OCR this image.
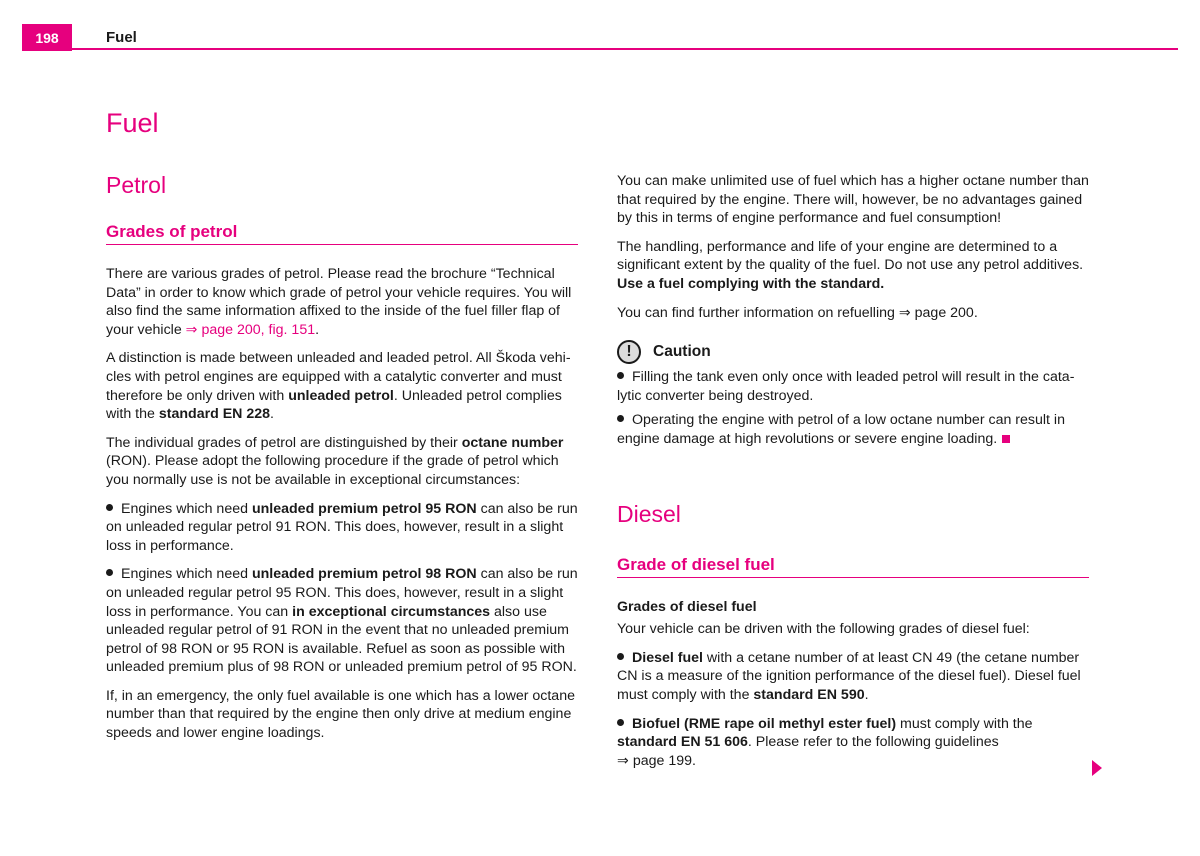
198	Fuel
Fuel
Petrol
Grades of petrol

There are various grades of petrol. Please read the brochure “Technical Data” in order to know which grade of petrol your vehicle requires. You will also find the same information affixed to the inside of the fuel filler flap of your vehicle ⇒ page 200, fig. 151.

A distinction is made between unleaded and leaded petrol. All Škoda vehi-cles with petrol engines are equipped with a catalytic converter and must therefore be only driven with unleaded petrol. Unleaded petrol complies with the standard EN 228.

The individual grades of petrol are distinguished by their octane number (RON). Please adopt the following procedure if the grade of petrol which you normally use is not be available in exceptional circumstances:

Engines which need unleaded premium petrol 95 RON can also be run on unleaded regular petrol 91 RON. This does, however, result in a slight loss in performance.

Engines which need unleaded premium petrol 98 RON can also be run on unleaded regular petrol 95 RON. This does, however, result in a slight loss in performance. You can in exceptional circumstances also use unleaded regular petrol of 91 RON in the event that no unleaded premium petrol of 98 RON or 95 RON is available. Refuel as soon as possible with unleaded premium plus of 98 RON or unleaded premium petrol of 95 RON.

If, in an emergency, the only fuel available is one which has a lower octane number than that required by the engine then only drive at medium engine speeds and lower engine loadings.

You can make unlimited use of fuel which has a higher octane number than that required by the engine. There will, however, be no advantages gained by this in terms of engine performance and fuel consumption!

The handling, performance and life of your engine are determined to a significant extent by the quality of the fuel. Do not use any petrol additives. Use a fuel complying with the standard.

You can find further information on refuelling ⇒ page 200.

!	Caution

Filling the tank even only once with leaded petrol will result in the cata-lytic converter being destroyed.

Operating the engine with petrol of a low octane number can result in engine damage at high revolutions or severe engine loading.

Diesel
Grade of diesel fuel

Grades of diesel fuel

Your vehicle can be driven with the following grades of diesel fuel:

Diesel fuel with a cetane number of at least CN 49 (the cetane number CN is a measure of the ignition performance of the diesel fuel). Diesel fuel must comply with the standard EN 590.

Biofuel (RME rape oil methyl ester fuel) must comply with the standard EN 51 606. Please refer to the following guidelines
⇒ page 199.
